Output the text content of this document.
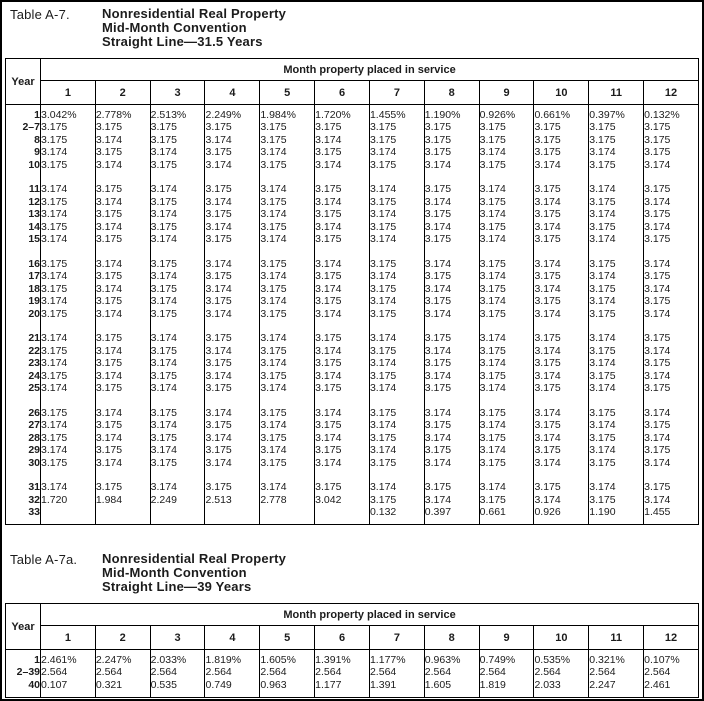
Table A-7.	Nonresidential Real Property
Mid-Month Convention
Straight Line—31.5 Years
Year	Month property placed in service											
	1	2	3	4	5	6	7	8	9	10	11	12

1	3.042%	2.778%	2.513%	2.249%	1.984%	1.720%	1.455%	1.190%	0.926%	0.661%	0.397%	0.132%
2–7	3.175	3.175	3.175	3.175	3.175	3.175	3.175	3.175	3.175	3.175	3.175	3.175
8	3.175	3.174	3.175	3.174	3.175	3.174	3.175	3.175	3.175	3.175	3.175	3.175
9	3.174	3.175	3.174	3.175	3.174	3.175	3.174	3.175	3.174	3.175	3.174	3.175
10	3.175	3.174	3.175	3.174	3.175	3.174	3.175	3.174	3.175	3.174	3.175	3.174

11	3.174	3.175	3.174	3.175	3.174	3.175	3.174	3.175	3.174	3.175	3.174	3.175
12	3.175	3.174	3.175	3.174	3.175	3.174	3.175	3.174	3.175	3.174	3.175	3.174
13	3.174	3.175	3.174	3.175	3.174	3.175	3.174	3.175	3.174	3.175	3.174	3.175
14	3.175	3.174	3.175	3.174	3.175	3.174	3.175	3.174	3.175	3.174	3.175	3.174
15	3.174	3.175	3.174	3.175	3.174	3.175	3.174	3.175	3.174	3.175	3.174	3.175

16	3.175	3.174	3.175	3.174	3.175	3.174	3.175	3.174	3.175	3.174	3.175	3.174
17	3.174	3.175	3.174	3.175	3.174	3.175	3.174	3.175	3.174	3.175	3.174	3.175
18	3.175	3.174	3.175	3.174	3.175	3.174	3.175	3.174	3.175	3.174	3.175	3.174
19	3.174	3.175	3.174	3.175	3.174	3.175	3.174	3.175	3.174	3.175	3.174	3.175
20	3.175	3.174	3.175	3.174	3.175	3.174	3.175	3.174	3.175	3.174	3.175	3.174

21	3.174	3.175	3.174	3.175	3.174	3.175	3.174	3.175	3.174	3.175	3.174	3.175
22	3.175	3.174	3.175	3.174	3.175	3.174	3.175	3.174	3.175	3.174	3.175	3.174
23	3.174	3.175	3.174	3.175	3.174	3.175	3.174	3.175	3.174	3.175	3.174	3.175
24	3.175	3.174	3.175	3.174	3.175	3.174	3.175	3.174	3.175	3.174	3.175	3.174
25	3.174	3.175	3.174	3.175	3.174	3.175	3.174	3.175	3.174	3.175	3.174	3.175

26	3.175	3.174	3.175	3.174	3.175	3.174	3.175	3.174	3.175	3.174	3.175	3.174
27	3.174	3.175	3.174	3.175	3.174	3.175	3.174	3.175	3.174	3.175	3.174	3.175
28	3.175	3.174	3.175	3.174	3.175	3.174	3.175	3.174	3.175	3.174	3.175	3.174
29	3.174	3.175	3.174	3.175	3.174	3.175	3.174	3.175	3.174	3.175	3.174	3.175
30	3.175	3.174	3.175	3.174	3.175	3.174	3.175	3.174	3.175	3.174	3.175	3.174

31	3.174	3.175	3.174	3.175	3.174	3.175	3.174	3.175	3.174	3.175	3.174	3.175
32	1.720	1.984	2.249	2.513	2.778	3.042	3.175	3.174	3.175	3.174	3.175	3.174
33							0.132	0.397	0.661	0.926	1.190	1.455

Table A-7a.	Nonresidential Real Property
Mid-Month Convention
Straight Line—39 Years
Year	Month property placed in service											
	1	2	3	4	5	6	7	8	9	10	11	12

1	2.461%	2.247%	2.033%	1.819%	1.605%	1.391%	1.177%	0.963%	0.749%	0.535%	0.321%	0.107%
2–39	2.564	2.564	2.564	2.564	2.564	2.564	2.564	2.564	2.564	2.564	2.564	2.564
40	0.107	0.321	0.535	0.749	0.963	1.177	1.391	1.605	1.819	2.033	2.247	2.461
